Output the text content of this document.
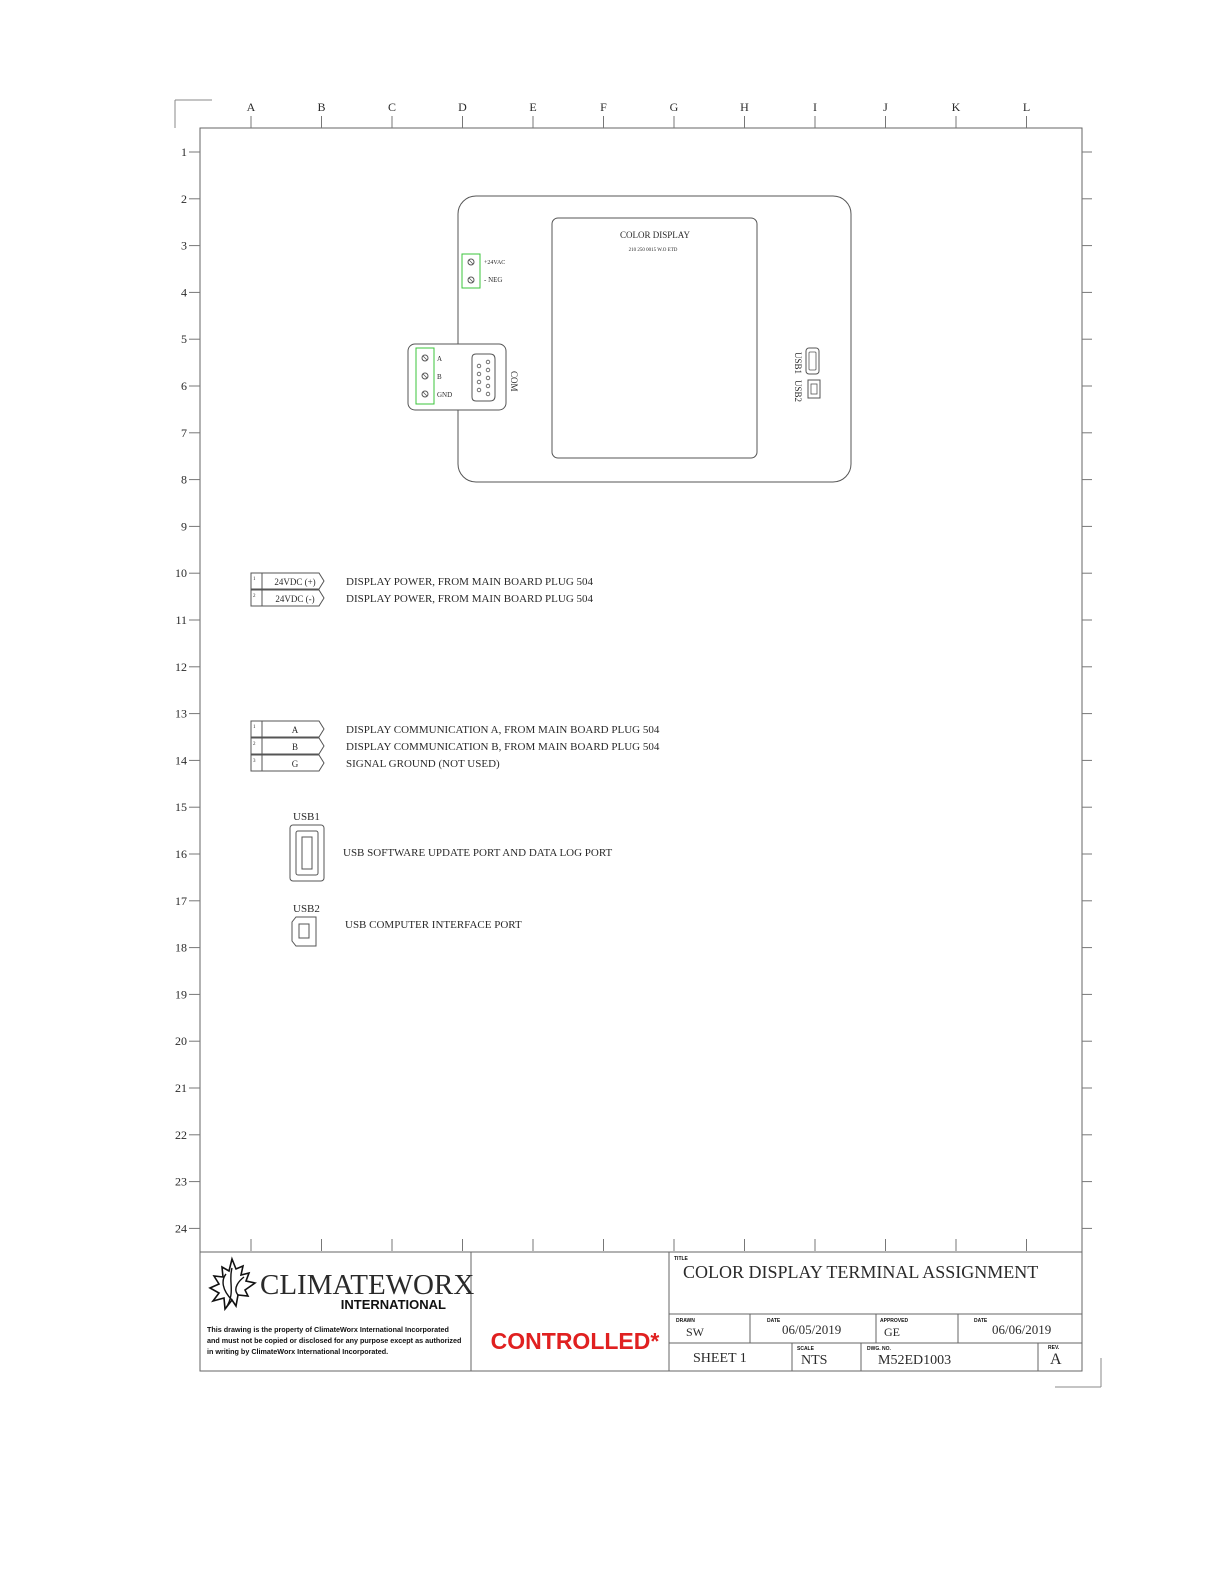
A	B	C	D	E	F	G	H	I	J	K	L
1
2
3
4
5
6
7
8
9
10
11
12
13
14
15
16
17
18
19
20
21
22
23
24
COLOR DISPLAY
210 250 0015 W.O ETD
+24VAC
- NEG
A
B
GND
COM
USB1
USB2
1 24VDC (+)	DISPLAY POWER, FROM MAIN BOARD PLUG 504
2 24VDC (-)	DISPLAY POWER, FROM MAIN BOARD PLUG 504
1	A	DISPLAY COMMUNICATION A, FROM MAIN BOARD PLUG 504
2	B	DISPLAY COMMUNICATION B, FROM MAIN BOARD PLUG 504
3	G	SIGNAL GROUND (NOT USED)
USB1
USB SOFTWARE UPDATE PORT AND DATA LOG PORT
USB2
USB COMPUTER INTERFACE PORT
CLIMATEWORX
INTERNATIONAL
This drawing is the property of ClimateWorx International Incorporated
and must not be copied or disclosed for any purpose except as authorized
in writing by ClimateWorx International Incorporated.	CONTROLLED*
TITLE
COLOR DISPLAY TERMINAL ASSIGNMENT
DRAWN
SW
DATE
06/05/2019
APPROVED
GE
DATE
06/06/2019
SHEET 1
SCALE
NTS
DWG. NO.
M52ED1003
REV.
A
